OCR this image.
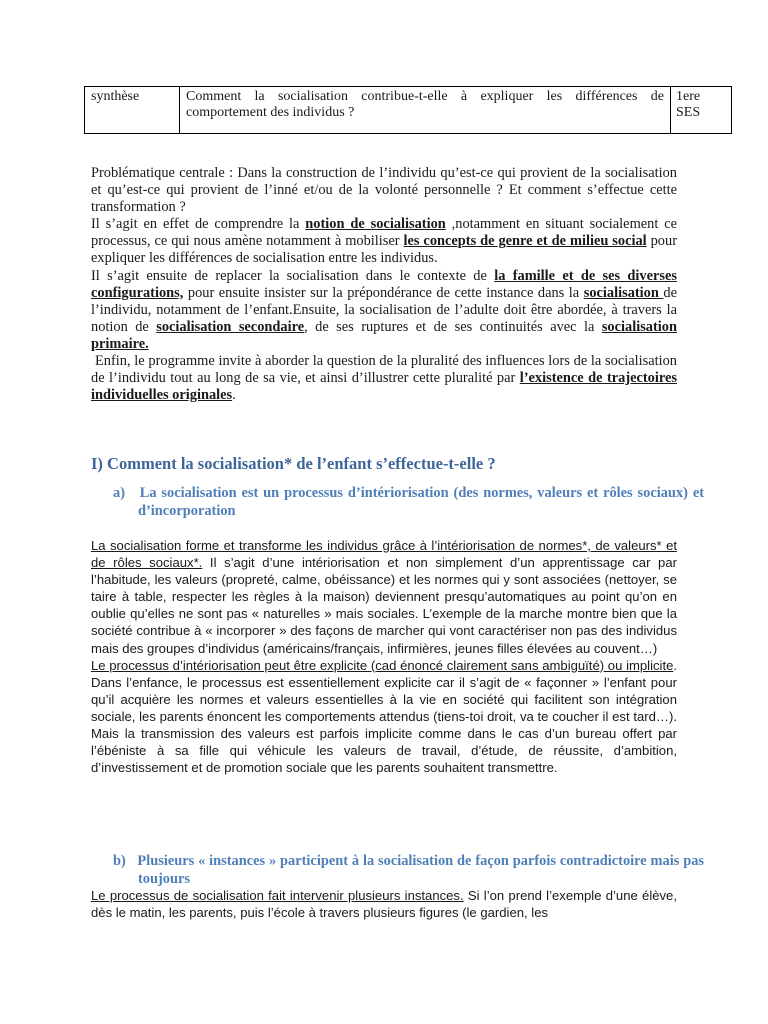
synthèse	Comment la socialisation contribue-t-elle à expliquer les différences de comportement des individus ?	1ere
SES

Problématique centrale : Dans la construction de l’individu qu’est-ce qui provient de la socialisation et qu’est-ce qui provient de l’inné et/ou de la volonté personnelle ? Et comment s’effectue cette transformation ?

Il s’agit en effet de comprendre la notion de socialisation ,notamment en situant socialement ce processus, ce qui nous amène notamment à mobiliser les concepts de genre et de milieu social pour expliquer les différences de socialisation entre les individus.

Il s’agit ensuite de replacer la socialisation dans le contexte de la famille et de ses diverses configurations, pour ensuite insister sur la prépondérance de cette instance dans la socialisation de l’individu, notamment de l’enfant.Ensuite, la socialisation de l’adulte doit être abordée, à travers la notion de socialisation secondaire, de ses ruptures et de ses continuités avec la socialisation primaire.

Enfin, le programme invite à aborder la question de la pluralité des influences lors de la socialisation de l’individu tout au long de sa vie, et ainsi d’illustrer cette pluralité par l’existence de trajectoires individuelles originales.

I) Comment la socialisation* de l’enfant s’effectue-t-elle ?
a)   La socialisation est un processus d’intériorisation (des normes, valeurs et rôles sociaux) et d’incorporation

La socialisation forme et transforme les individus grâce à l’intériorisation de normes*, de valeurs* et de rôles sociaux*. Il s’agit d’une intériorisation et non simplement d’un apprentissage car par l’habitude, les valeurs (propreté, calme, obéissance) et les normes qui y sont associées (nettoyer, se taire à table, respecter les règles à la maison) deviennent presqu’automatiques au point qu’on en oublie qu’elles ne sont pas « naturelles » mais sociales. L’exemple de la marche montre bien que la société contribue à « incorporer » des façons de marcher qui vont caractériser non pas des individus mais des groupes d’individus (américains/français, infirmières, jeunes filles élevées au couvent…)

Le processus d’intériorisation peut être explicite (cad énoncé clairement sans ambiguïté) ou implicite. Dans l’enfance, le processus est essentiellement explicite car il s’agit de « façonner » l’enfant pour qu’il acquière les normes et valeurs essentielles à la vie en société qui facilitent son intégration sociale, les parents énoncent les comportements attendus (tiens-toi droit, va te coucher il est tard…). Mais la transmission des valeurs est parfois implicite comme dans le cas d’un bureau offert par l’ébéniste à sa fille qui véhicule les valeurs de travail, d’étude, de réussite, d’ambition, d’investissement et de promotion sociale que les parents souhaitent transmettre.

b)   Plusieurs « instances » participent à la socialisation de façon parfois contradictoire mais pas toujours

Le processus de socialisation fait intervenir plusieurs instances. Si l’on prend l’exemple d’une élève, dès le matin, les parents, puis l’école à travers plusieurs figures (le gardien, les
